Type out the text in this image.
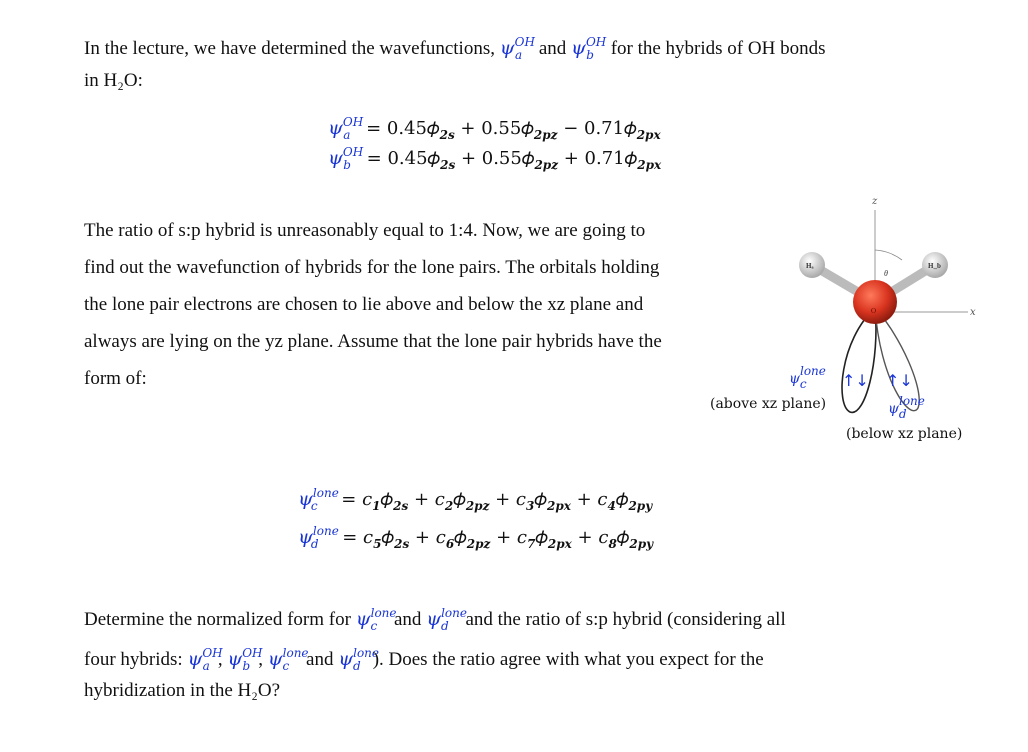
In the lecture, we have determined the wavefunctions, $\psi^{OH}_a$ and $\psi^{OH}_b$ for the hybrids of OH bonds

in H₂O:

$\psi^{OH}_a$ = 0.45𝜙$_{2s}$ + 0.55𝜙$_{2pz}$ − 0.71𝜙$_{2px}$
$\psi^{OH}_b$ = 0.45𝜙$_{2s}$ + 0.55𝜙$_{2pz}$ + 0.71𝜙$_{2px}$

The ratio of s:p hybrid is unreasonably equal to 1:4. Now, we are going to

find out the wavefunction of hybrids for the lone pairs. The orbitals holding

the lone pair electrons are chosen to lie above and below the xz plane and

always are lying on the yz plane. Assume that the lone pair hybrids have the

form of:

z
x
θ
Hₐ	H_b
O
↑↓ ↑↓
ψlonec
(above xz plane)	ψloned
(below xz plane)
$\psi^{lone}_c$ = $c_1𝜙_{2s}$ + $c_2𝜙_{2pz}$ + $c_3𝜙_{2px}$ + $c_4𝜙_{2py}$
$\psi^{lone}_d$ = $c_5𝜙_{2s}$ + $c_6𝜙_{2pz}$ + $c_7𝜙_{2px}$ + $c_8𝜙_{2py}$

Determine the normalized form for $\psi^{lone}_c$ and $\psi^{lone}_d$ and the ratio of s:p hybrid (considering all

four hybrids: $\psi^{OH}_a$ , $\psi^{OH}_b$ , $\psi^{lone}_c$ and $\psi^{lone}_d$ ). Does the ratio agree with what you expect for the

hybridization in the H₂O?
